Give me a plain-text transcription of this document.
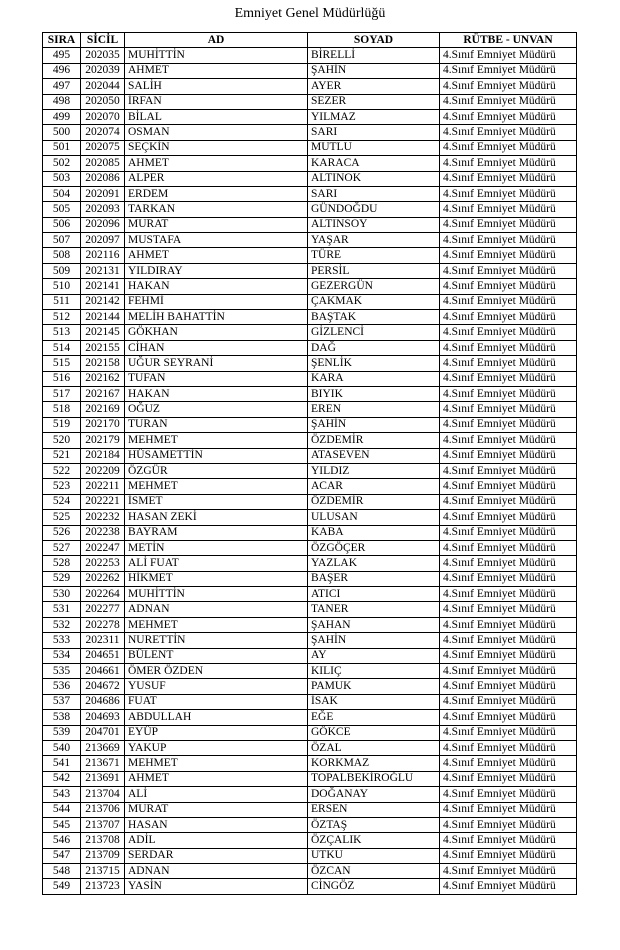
Emniyet Genel Müdürlüğü
SIRA	SİCİL	AD	SOYAD	RÜTBE - UNVAN
495	202035	MUHİTTİN	BİRELLİ	4.Sınıf Emniyet Müdürü
496	202039	AHMET	ŞAHİN	4.Sınıf Emniyet Müdürü
497	202044	SALİH	AYER	4.Sınıf Emniyet Müdürü
498	202050	İRFAN	SEZER	4.Sınıf Emniyet Müdürü
499	202070	BİLAL	YILMAZ	4.Sınıf Emniyet Müdürü
500	202074	OSMAN	SARI	4.Sınıf Emniyet Müdürü
501	202075	SEÇKİN	MUTLU	4.Sınıf Emniyet Müdürü
502	202085	AHMET	KARACA	4.Sınıf Emniyet Müdürü
503	202086	ALPER	ALTINOK	4.Sınıf Emniyet Müdürü
504	202091	ERDEM	SARI	4.Sınıf Emniyet Müdürü
505	202093	TARKAN	GÜNDOĞDU	4.Sınıf Emniyet Müdürü
506	202096	MURAT	ALTINSOY	4.Sınıf Emniyet Müdürü
507	202097	MUSTAFA	YAŞAR	4.Sınıf Emniyet Müdürü
508	202116	AHMET	TÜRE	4.Sınıf Emniyet Müdürü
509	202131	YILDIRAY	PERSİL	4.Sınıf Emniyet Müdürü
510	202141	HAKAN	GEZERGÜN	4.Sınıf Emniyet Müdürü
511	202142	FEHMİ	ÇAKMAK	4.Sınıf Emniyet Müdürü
512	202144	MELİH BAHATTİN	BAŞTAK	4.Sınıf Emniyet Müdürü
513	202145	GÖKHAN	GİZLENCİ	4.Sınıf Emniyet Müdürü
514	202155	CİHAN	DAĞ	4.Sınıf Emniyet Müdürü
515	202158	UĞUR SEYRANİ	ŞENLİK	4.Sınıf Emniyet Müdürü
516	202162	TUFAN	KARA	4.Sınıf Emniyet Müdürü
517	202167	HAKAN	BIYIK	4.Sınıf Emniyet Müdürü
518	202169	OĞUZ	EREN	4.Sınıf Emniyet Müdürü
519	202170	TURAN	ŞAHİN	4.Sınıf Emniyet Müdürü
520	202179	MEHMET	ÖZDEMİR	4.Sınıf Emniyet Müdürü
521	202184	HÜSAMETTİN	ATASEVEN	4.Sınıf Emniyet Müdürü
522	202209	ÖZGÜR	YILDIZ	4.Sınıf Emniyet Müdürü
523	202211	MEHMET	ACAR	4.Sınıf Emniyet Müdürü
524	202221	İSMET	ÖZDEMİR	4.Sınıf Emniyet Müdürü
525	202232	HASAN ZEKİ	ULUSAN	4.Sınıf Emniyet Müdürü
526	202238	BAYRAM	KABA	4.Sınıf Emniyet Müdürü
527	202247	METİN	ÖZGÖÇER	4.Sınıf Emniyet Müdürü
528	202253	ALİ FUAT	YAZLAK	4.Sınıf Emniyet Müdürü
529	202262	HİKMET	BAŞER	4.Sınıf Emniyet Müdürü
530	202264	MUHİTTİN	ATICI	4.Sınıf Emniyet Müdürü
531	202277	ADNAN	TANER	4.Sınıf Emniyet Müdürü
532	202278	MEHMET	ŞAHAN	4.Sınıf Emniyet Müdürü
533	202311	NURETTİN	ŞAHİN	4.Sınıf Emniyet Müdürü
534	204651	BÜLENT	AY	4.Sınıf Emniyet Müdürü
535	204661	ÖMER ÖZDEN	KILIÇ	4.Sınıf Emniyet Müdürü
536	204672	YUSUF	PAMUK	4.Sınıf Emniyet Müdürü
537	204686	FUAT	İSAK	4.Sınıf Emniyet Müdürü
538	204693	ABDULLAH	EĞE	4.Sınıf Emniyet Müdürü
539	204701	EYÜP	GÖKCE	4.Sınıf Emniyet Müdürü
540	213669	YAKUP	ÖZAL	4.Sınıf Emniyet Müdürü
541	213671	MEHMET	KORKMAZ	4.Sınıf Emniyet Müdürü
542	213691	AHMET	TOPALBEKİROĞLU	4.Sınıf Emniyet Müdürü
543	213704	ALİ	DOĞANAY	4.Sınıf Emniyet Müdürü
544	213706	MURAT	ERSEN	4.Sınıf Emniyet Müdürü
545	213707	HASAN	ÖZTAŞ	4.Sınıf Emniyet Müdürü
546	213708	ADİL	ÖZÇALIK	4.Sınıf Emniyet Müdürü
547	213709	SERDAR	UTKU	4.Sınıf Emniyet Müdürü
548	213715	ADNAN	ÖZCAN	4.Sınıf Emniyet Müdürü
549	213723	YASİN	CİNGÖZ	4.Sınıf Emniyet Müdürü
